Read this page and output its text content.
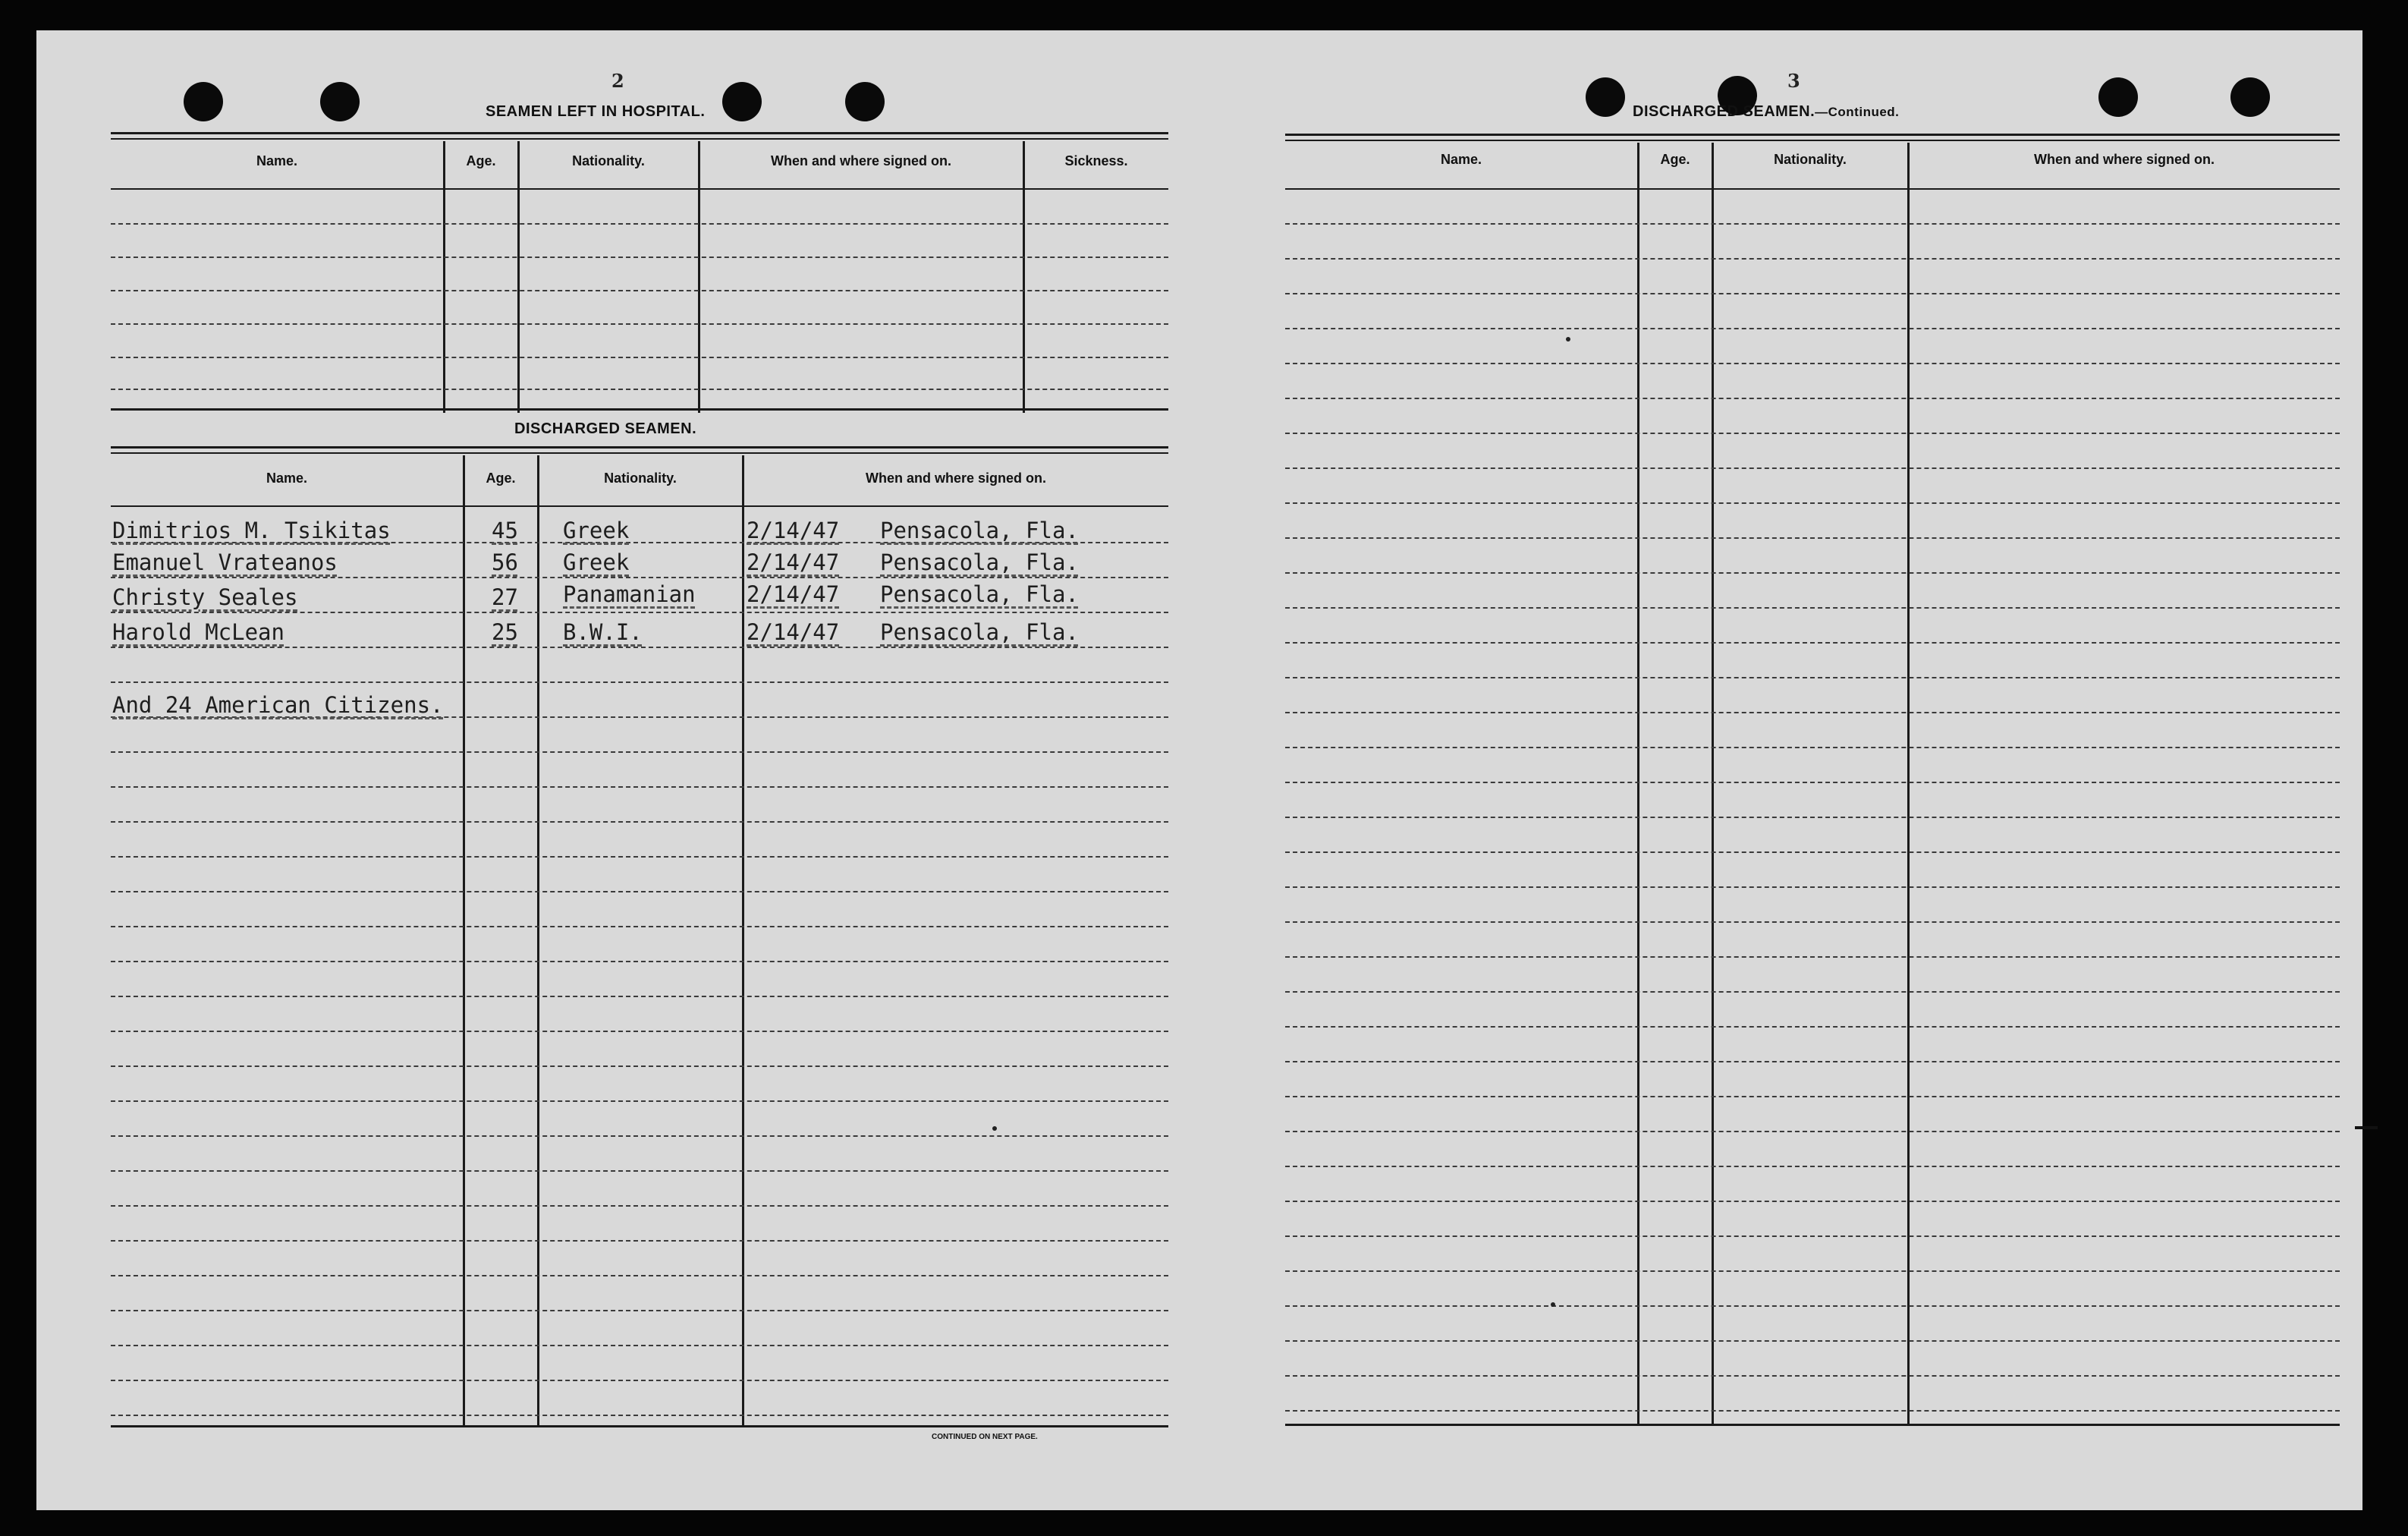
2
SEAMEN LEFT IN HOSPITAL.
Name.	Age.	Nationality.	When and where signed on.	Sickness.
DISCHARGED SEAMEN.
Name.	Age.	Nationality.	When and where signed on.
Dimitrios M. Tsikitas	45 Greek	2/14/47 Pensacola, Fla.
Emanuel Vrateanos	56 Greek	2/14/47 Pensacola, Fla.
Christy Seales	27 Panamanian 2/14/47 Pensacola, Fla.
Harold McLean	25 B.W.I.	2/14/47 Pensacola, Fla.
And 24 American Citizens.
CONTINUED ON NEXT PAGE.
3
DISCHARGED SEAMEN.—Continued.
Name.	Age.	Nationality.	When and where signed on.
